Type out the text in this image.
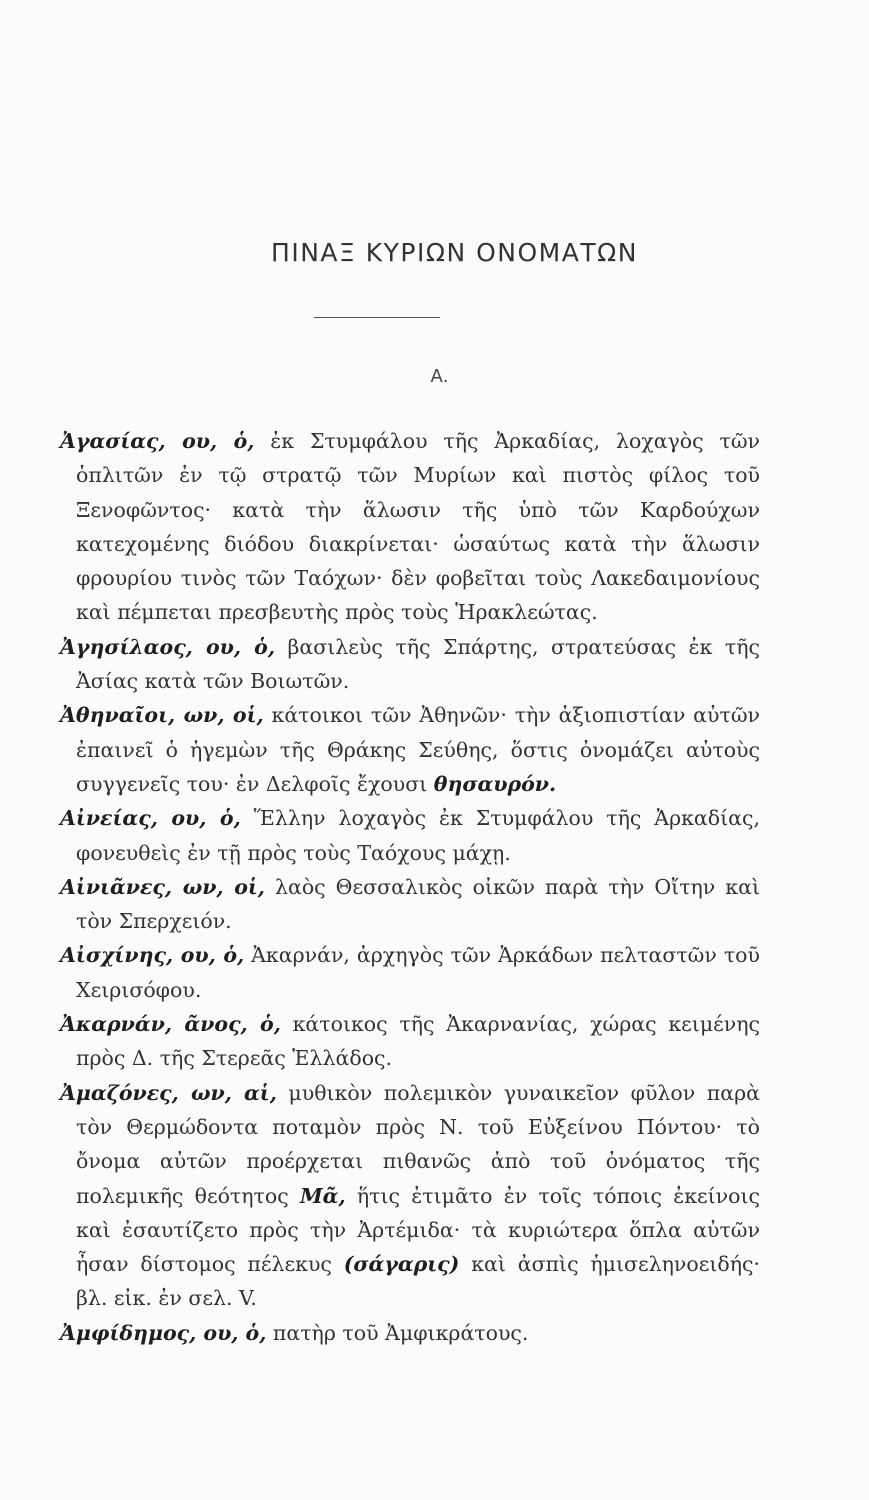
ΠΙΝΑΞ ΚΥΡΙΩΝ ΟΝΟΜΑΤΩΝ
Α.

Ἀγασίας, ου, ὁ, ἐκ Στυμφάλου τῆς Ἀρκαδίας, λοχαγὸς τῶν ὁπλιτῶν ἐν τῷ στρατῷ τῶν Μυρίων καὶ πιστὸς φίλος τοῦ Ξενοφῶντος· κατὰ τὴν ἅλωσιν τῆς ὑπὸ τῶν Καρδούχων κατεχομένης διόδου διακρίνεται· ὡσαύτως κατὰ τὴν ἅλωσιν φρουρίου τινὸς τῶν Ταόχων· δὲν φοβεῖται τοὺς Λακεδαιμονίους καὶ πέμπεται πρεσβευτὴς πρὸς τοὺς Ἡρακλεώτας.

Ἀγησίλαος, ου, ὁ, βασιλεὺς τῆς Σπάρτης, στρατεύσας ἐκ τῆς Ἀσίας κατὰ τῶν Βοιωτῶν.

Ἀθηναῖοι, ων, οἱ, κάτοικοι τῶν Ἀθηνῶν· τὴν ἀξιοπιστίαν αὐτῶν ἐπαινεῖ ὁ ἡγεμὼν τῆς Θράκης Σεύθης, ὅστις ὀνομάζει αὐτοὺς συγγενεῖς του· ἐν Δελφοῖς ἔχουσι θησαυρόν.

Αἰνείας, ου, ὁ, Ἕλλην λοχαγὸς ἐκ Στυμφάλου τῆς Ἀρκαδίας, φονευθεὶς ἐν τῇ πρὸς τοὺς Ταόχους μάχῃ.

Αἰνιᾶνες, ων, οἱ, λαὸς Θεσσαλικὸς οἰκῶν παρὰ τὴν Οἴτην καὶ τὸν Σπερχειόν.

Αἰσχίνης, ου, ὁ, Ἀκαρνάν, ἀρχηγὸς τῶν Ἀρκάδων πελταστῶν τοῦ Χειρισόφου.

Ἀκαρνάν, ᾶνος, ὁ, κάτοικος τῆς Ἀκαρνανίας, χώρας κειμένης πρὸς Δ. τῆς Στερεᾶς Ἑλλάδος.

Ἀμαζόνες, ων, αἱ, μυθικὸν πολεμικὸν γυναικεῖον φῦλον παρὰ τὸν Θερμώδοντα ποταμὸν πρὸς Ν. τοῦ Εὐξείνου Πόντου· τὸ ὄνομα αὐτῶν προέρχεται πιθανῶς ἀπὸ τοῦ ὀνόματος τῆς πολεμικῆς θεότητος Μᾶ, ἥτις ἐτιμᾶτο ἐν τοῖς τόποις ἐκείνοις καὶ ἐσαυτίζετο πρὸς τὴν Ἀρτέμιδα· τὰ κυριώτερα ὅπλα αὐτῶν ἦσαν δίστομος πέλεκυς (σάγαρις) καὶ ἀσπὶς ἡμισεληνοειδής· βλ. εἰκ. ἐν σελ. V.

Ἀμφίδημος, ου, ὁ, πατὴρ τοῦ Ἀμφικράτους.
